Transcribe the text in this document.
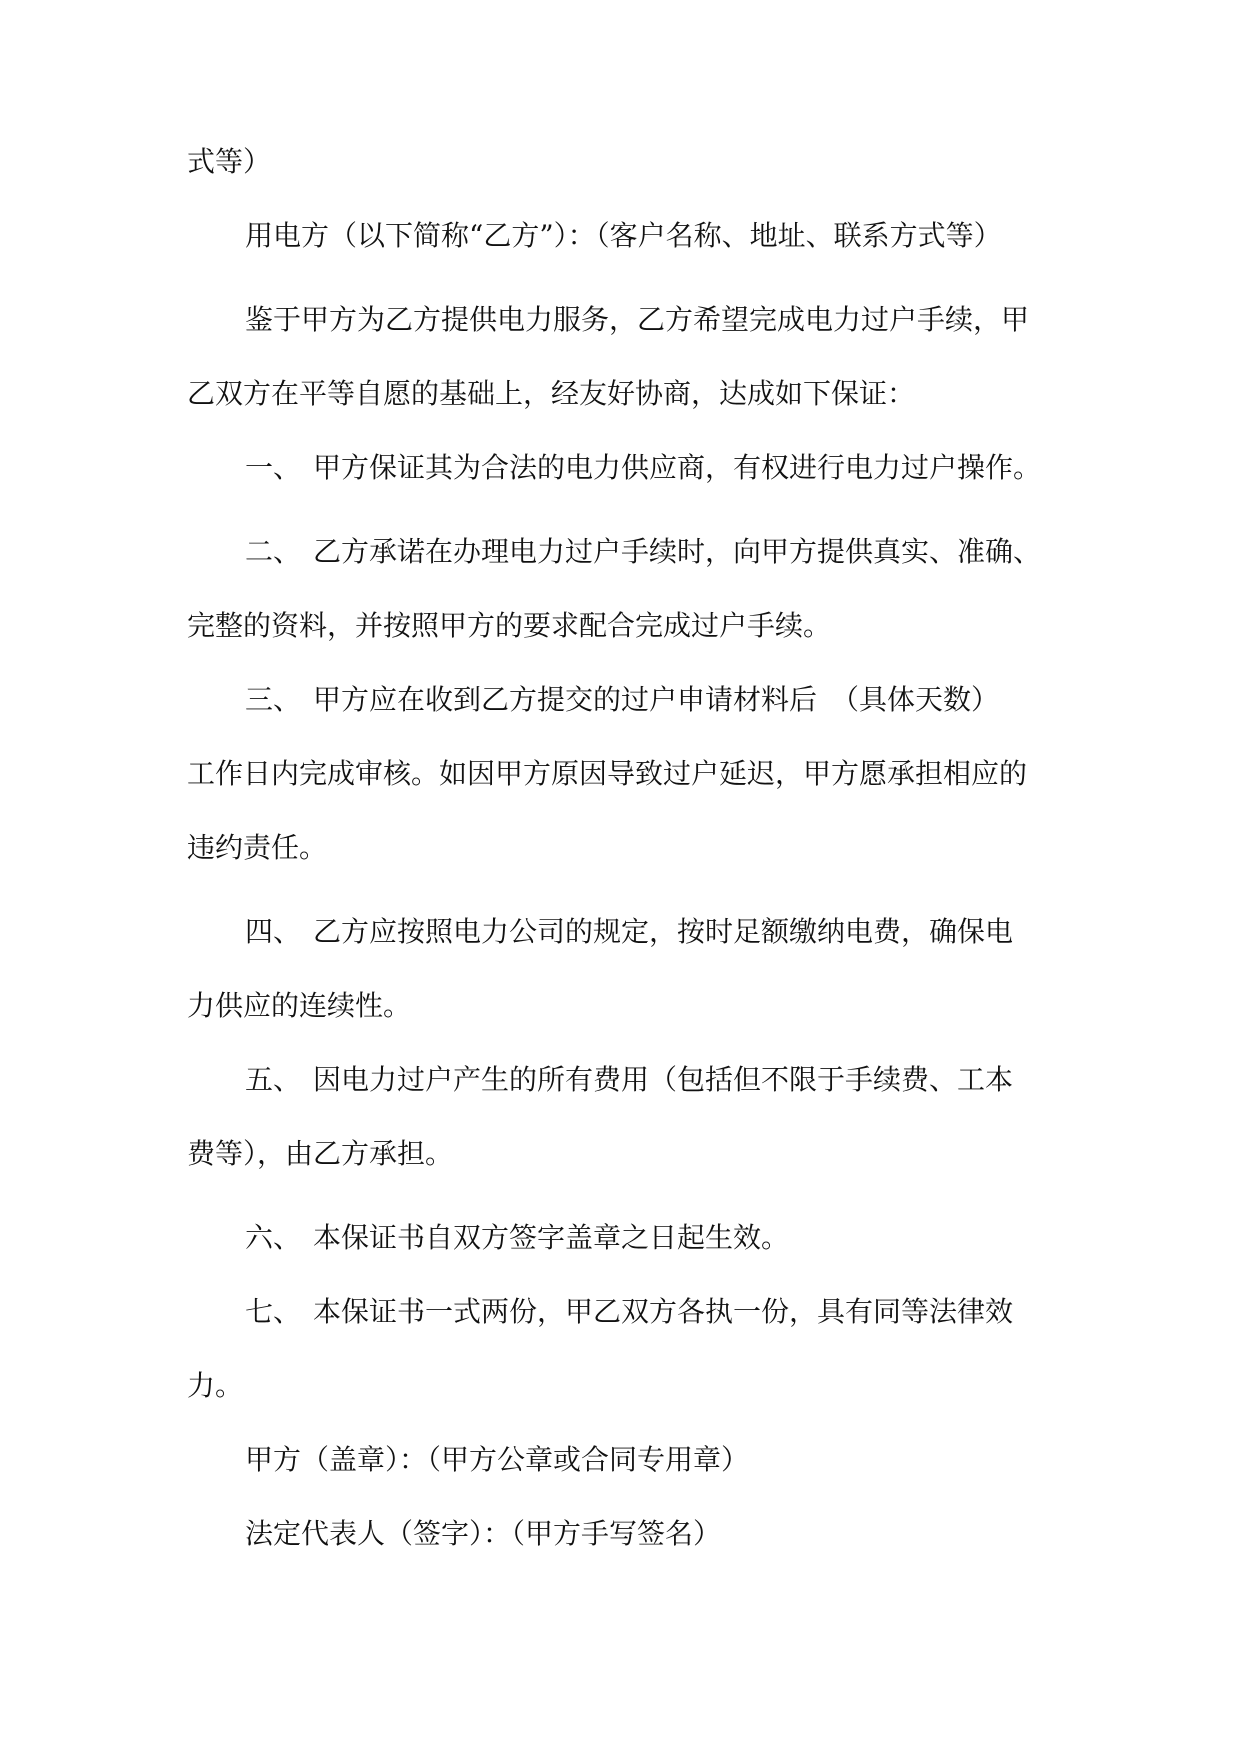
式等）
用电方（以下简称“乙方”）：（客户名称、地址、联系方式等）
鉴于甲方为乙方提供电力服务，乙方希望完成电力过户手续，甲
乙双方在平等自愿的基础上，经友好协商，达成如下保证：
一、 甲方保证其为合法的电力供应商，有权进行电力过户操作。
二、 乙方承诺在办理电力过户手续时，向甲方提供真实、准确、
完整的资料，并按照甲方的要求配合完成过户手续。
三、 甲方应在收到乙方提交的过户申请材料后　（具体天数）
工作日内完成审核。如因甲方原因导致过户延迟，甲方愿承担相应的
违约责任。
四、 乙方应按照电力公司的规定，按时足额缴纳电费，确保电
力供应的连续性。
五、 因电力过户产生的所有费用（包括但不限于手续费、工本
费等），由乙方承担。
六、 本保证书自双方签字盖章之日起生效。
七、 本保证书一式两份，甲乙双方各执一份，具有同等法律效
力。
甲方（盖章）：（甲方公章或合同专用章）
法定代表人（签字）：（甲方手写签名）
